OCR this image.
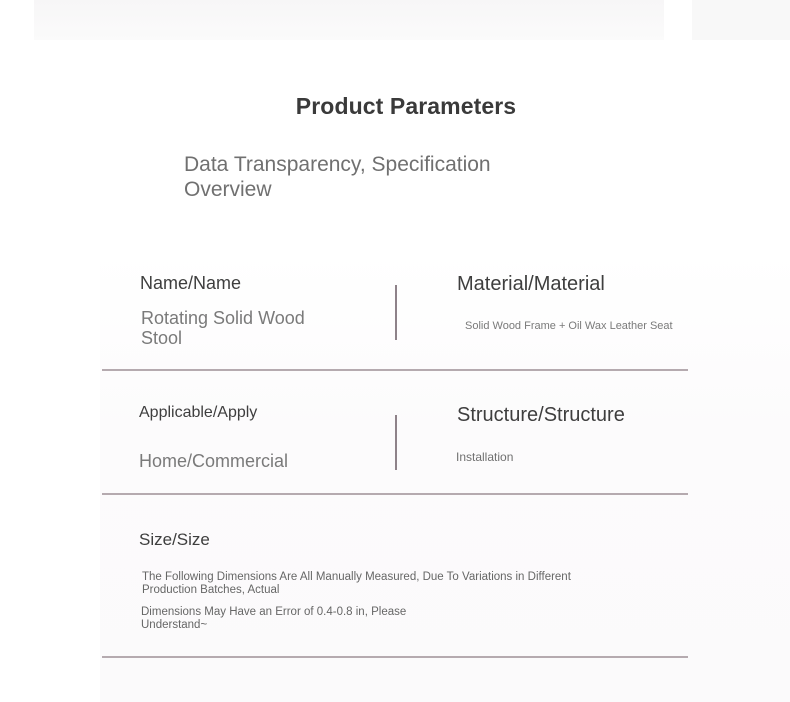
Product Parameters
Data Transparency, Specification Overview
Name/Name
Rotating Solid Wood Stool
Material/Material
Solid Wood Frame + Oil Wax Leather Seat
Applicable/Apply
Home/Commercial
Structure/Structure
Installation
Size/Size
The Following Dimensions Are All Manually Measured, Due To Variations in Different Production Batches, Actual
Dimensions May Have an Error of 0.4-0.8 in, Please Understand~
